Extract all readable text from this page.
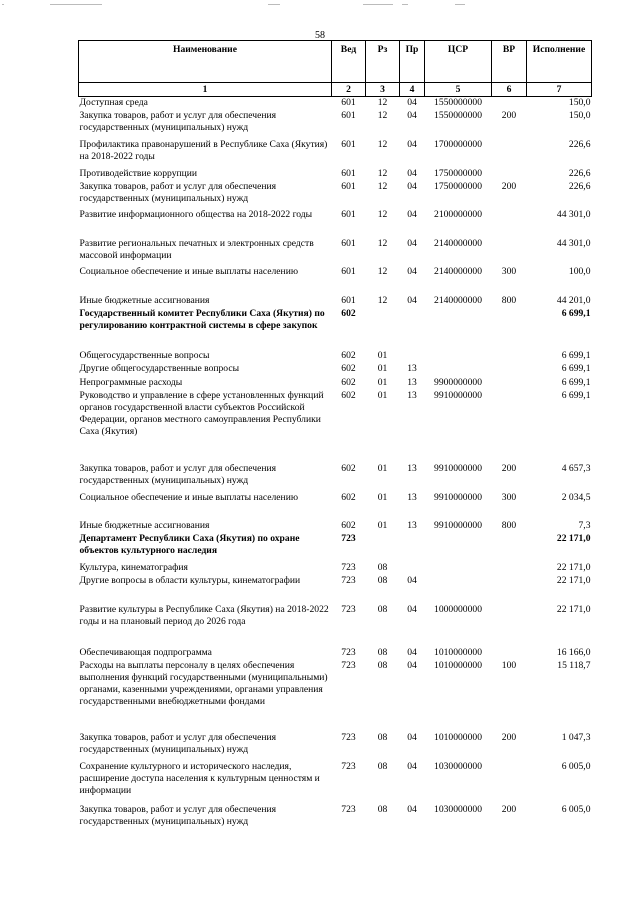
58
Наименование	Вед	Рз	Пр	ЦСР	ВР	Исполнение
1	2	3	4	5	6	7
Доступная среда	601	12	04	1550000000		150,0
Закупка товаров, работ и услуг для обеспечения государственных (муниципальных) нужд	601	12	04	1550000000	200	150,0
Профилактика правонарушений в Республике Саха (Якутия) на 2018-2022 годы	601	12	04	1700000000		226,6
Противодействие коррупции	601	12	04	1750000000		226,6
Закупка товаров, работ и услуг для обеспечения государственных (муниципальных) нужд	601	12	04	1750000000	200	226,6
Развитие информационного общества на 2018-2022 годы	601	12	04	2100000000		44 301,0
Развитие региональных печатных и электронных средств массовой информации	601	12	04	2140000000		44 301,0
Социальное обеспечение и иные выплаты населению	601	12	04	2140000000	300	100,0
Иные бюджетные ассигнования	601	12	04	2140000000	800	44 201,0
Государственный комитет Республики Саха (Якутия) по регулированию контрактной системы в сфере закупок	602					6 699,1
Общегосударственные вопросы	602	01				6 699,1
Другие общегосударственные вопросы	602	01	13			6 699,1
Непрограммные расходы	602	01	13	9900000000		6 699,1
Руководство и управление в сфере установленных функций органов государственной власти субъектов Российской Федерации, органов местного самоуправления Республики Саха (Якутия)	602	01	13	9910000000		6 699,1
Закупка товаров, работ и услуг для обеспечения государственных (муниципальных) нужд	602	01	13	9910000000	200	4 657,3
Социальное обеспечение и иные выплаты населению	602	01	13	9910000000	300	2 034,5
Иные бюджетные ассигнования	602	01	13	9910000000	800	7,3
Департамент Республики Саха (Якутия) по охране объектов культурного наследия	723					22 171,0
Культура, кинематография	723	08				22 171,0
Другие вопросы в области культуры, кинематографии	723	08	04			22 171,0
Развитие культуры в Республике Саха (Якутия) на 2018-2022 годы и на плановый период до 2026 года	723	08	04	1000000000		22 171,0
Обеспечивающая подпрограмма	723	08	04	1010000000		16 166,0
Расходы на выплаты персоналу в целях обеспечения выполнения функций государственными (муниципальными) органами, казенными учреждениями, органами управления государственными внебюджетными фондами	723	08	04	1010000000	100	15 118,7
Закупка товаров, работ и услуг для обеспечения государственных (муниципальных) нужд	723	08	04	1010000000	200	1 047,3
Сохранение культурного и исторического наследия, расширение доступа населения к культурным ценностям и информации	723	08	04	1030000000		6 005,0
Закупка товаров, работ и услуг для обеспечения государственных (муниципальных) нужд	723	08	04	1030000000	200	6 005,0
